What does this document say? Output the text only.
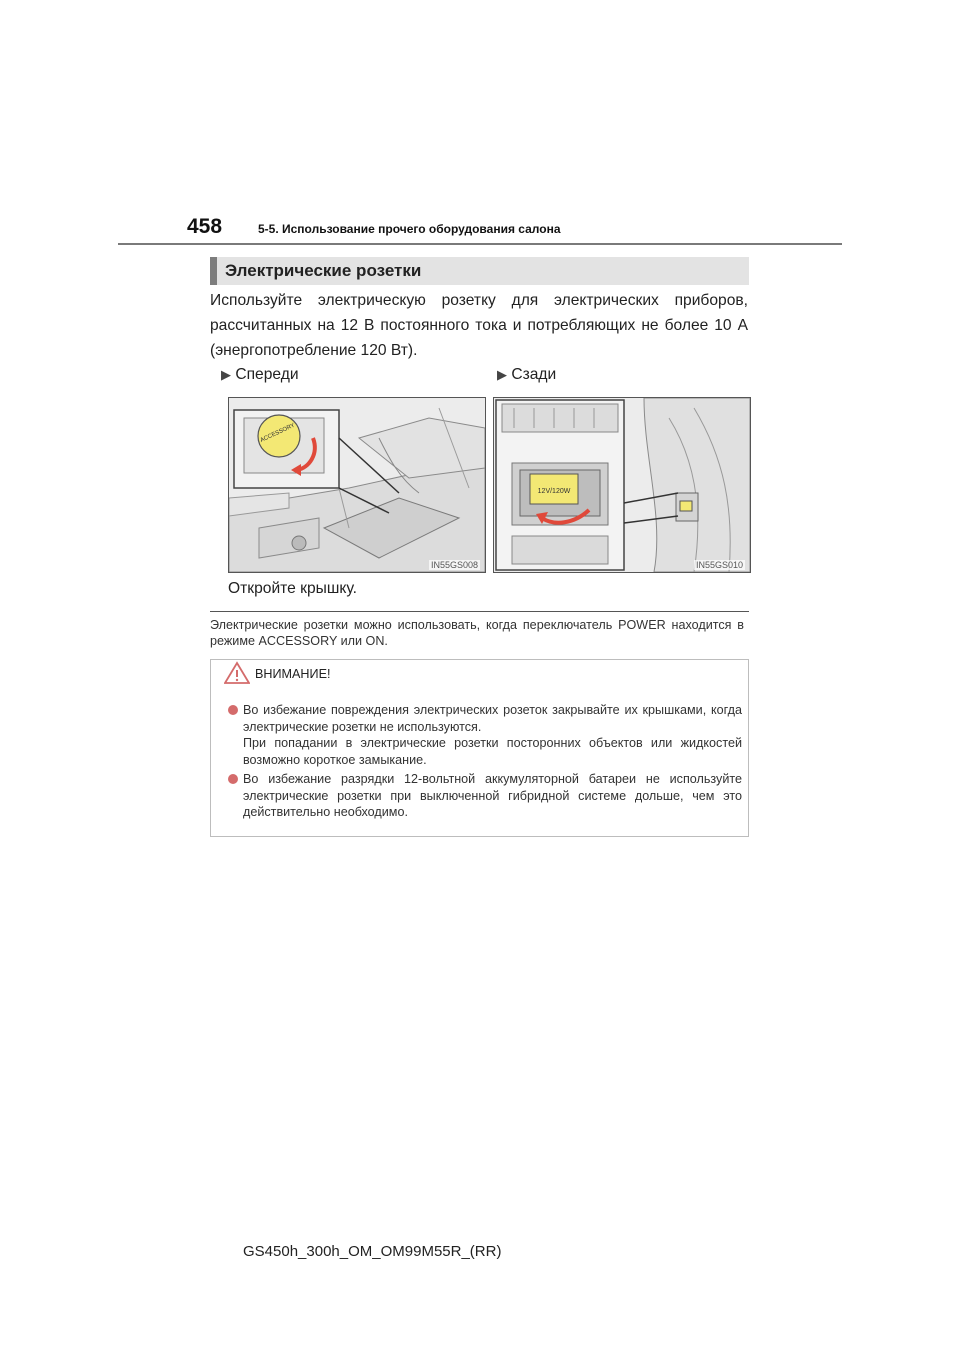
458	5-5. Использование прочего оборудования салона
Электрические розетки
Используйте электрическую розетку для электрических приборов, рассчитанных на 12 В постоянного тока и потребляющих не более 10 А (энергопотребление 120 Вт).
▶ Спереди	▶ Сзади
ACCESSORY
IN55GS008
12V/120W
IN55GS010
Откройте крышку.
Электрические розетки можно использовать, когда переключатель POWER находится в режиме ACCESSORY или ON.
ВНИМАНИЕ!
Во избежание повреждения электрических розеток закрывайте их крышками, когда электрические розетки не используются.
При попадании в электрические розетки посторонних объектов или жидкостей возможно короткое замыкание.
Во избежание разрядки 12-вольтной аккумуляторной батареи не используйте электрические розетки при выключенной гибридной системе дольше, чем это действительно необходимо.
GS450h_300h_OM_OM99M55R_(RR)
